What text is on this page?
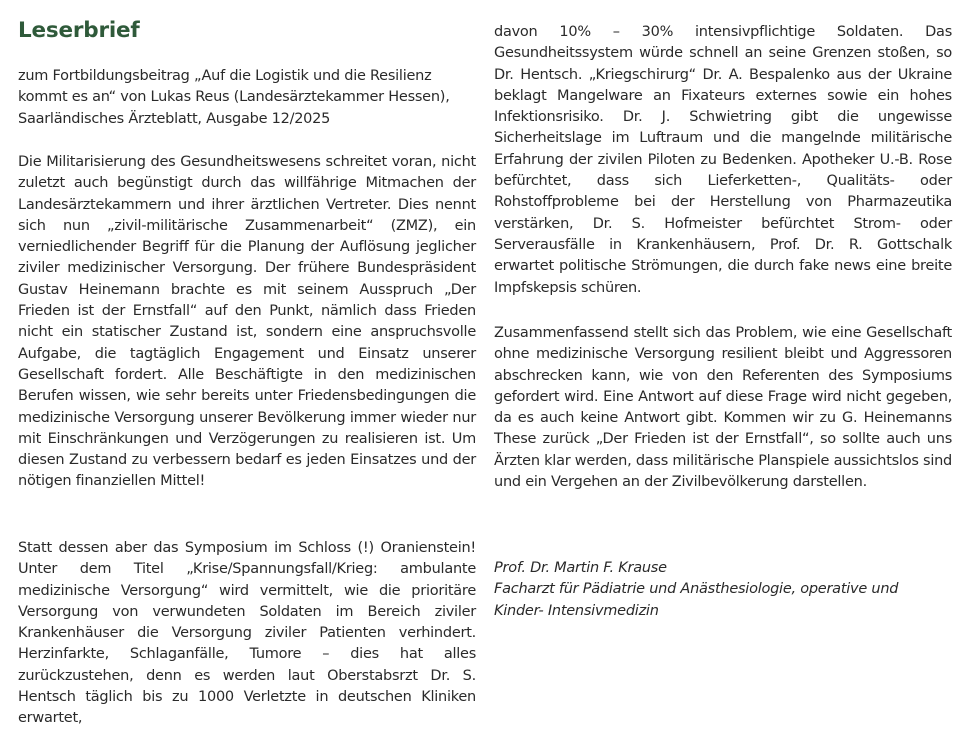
Leserbrief

zum Fortbildungsbeitrag „Auf die Logistik und die Resilienz kommt es an“ von Lukas Reus (Landesärztekammer Hessen), Saarländisches Ärzteblatt, Ausgabe 12/2025

Die Militarisierung des Gesundheitswesens schreitet voran, nicht zuletzt auch begünstigt durch das willfährige Mitmachen der Landesärztekammern und ihrer ärztlichen Vertreter. Dies nennt sich nun „zivil-militärische Zusammenarbeit“ (ZMZ), ein verniedlichender Begriff für die Planung der Auflösung jeglicher ziviler medizinischer Versorgung. Der frühere Bundespräsident Gustav Heinemann brachte es mit seinem Ausspruch „Der Frieden ist der Ernstfall“ auf den Punkt, nämlich dass Frieden nicht ein statischer Zustand ist, sondern eine anspruchsvolle Aufgabe, die tagtäglich Engagement und Einsatz unserer Gesellschaft fordert. Alle Beschäftigte in den medizinischen Berufen wissen, wie sehr bereits unter Friedensbedingungen die medizinische Versorgung unserer Bevölkerung immer wieder nur mit Einschränkungen und Verzögerungen zu realisieren ist. Um diesen Zustand zu verbessern bedarf es jeden Einsatzes und der nötigen finanziellen Mittel!

Statt dessen aber das Symposium im Schloss (!) Oranienstein! Unter dem Titel „Krise/Spannungsfall/Krieg: ambulante medizinische Versorgung“ wird vermittelt, wie die prioritäre Versorgung von verwundeten Soldaten im Bereich ziviler Krankenhäuser die Versorgung ziviler Patienten verhindert. Herzinfarkte, Schlaganfälle, Tumore – dies hat alles zurückzustehen, denn es werden laut Oberstabsrzt Dr. S. Hentsch täglich bis zu 1000 Verletzte in deutschen Kliniken erwartet,

davon 10% – 30% intensivpflichtige Soldaten. Das Gesundheitssystem würde schnell an seine Grenzen stoßen, so Dr. Hentsch. „Kriegschirurg“ Dr. A. Bespalenko aus der Ukraine beklagt Mangelware an Fixateurs externes sowie ein hohes Infektionsrisiko. Dr. J. Schwietring gibt die ungewisse Sicherheitslage im Luftraum und die mangelnde militärische Erfahrung der zivilen Piloten zu Bedenken. Apotheker U.-B. Rose befürchtet, dass sich Lieferketten-, Qualitäts- oder Rohstoffprobleme bei der Herstellung von Pharmazeutika verstärken, Dr. S. Hofmeister befürchtet Strom- oder Serverausfälle in Krankenhäusern, Prof. Dr. R. Gottschalk erwartet politische Strömungen, die durch fake news eine breite Impfskepsis schüren.

Zusammenfassend stellt sich das Problem, wie eine Gesellschaft ohne medizinische Versorgung resilient bleibt und Aggressoren abschrecken kann, wie von den Referenten des Symposiums gefordert wird. Eine Antwort auf diese Frage wird nicht gegeben, da es auch keine Antwort gibt. Kommen wir zu G. Heinemanns These zurück „Der Frieden ist der Ernstfall“, so sollte auch uns Ärzten klar werden, dass militärische Planspiele aussichtslos sind und ein Vergehen an der Zivilbevölkerung darstellen.

Prof. Dr. Martin F. Krause
Facharzt für Pädiatrie und Anästhesiologie, operative und
Kinder- Intensivmedizin
